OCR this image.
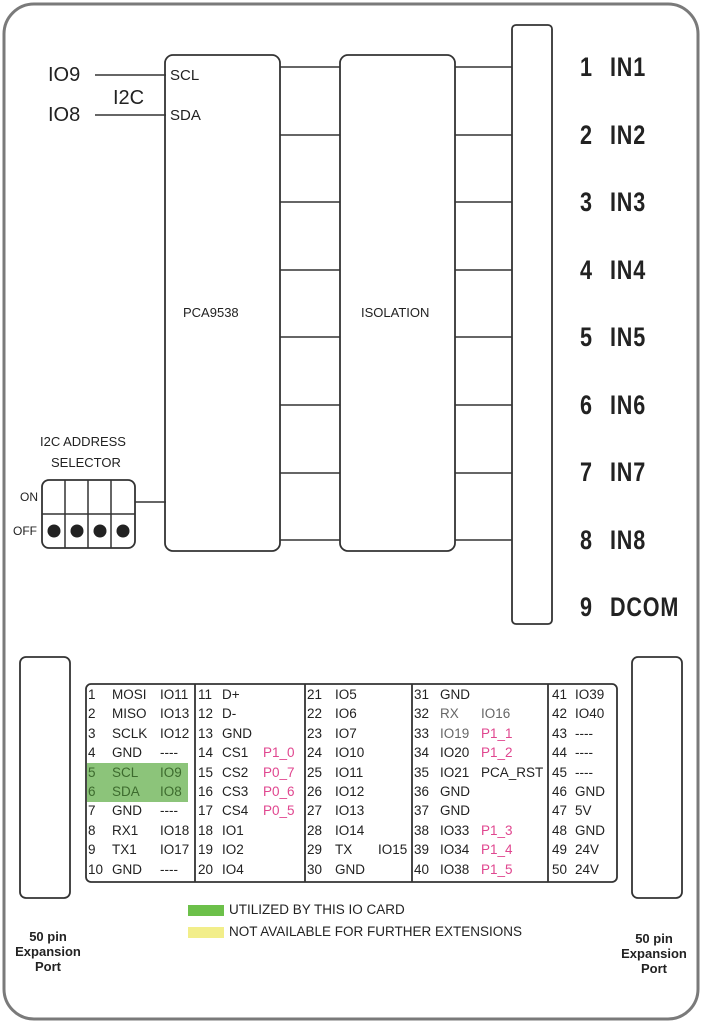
IO9
IO8
I2C
SCL
SDA
PCA9538	ISOLATION
I2C ADDRESS
SELECTOR
ON
OFF
1 IN1
2 IN2
3 IN3
4 IN4
5 IN5
6 IN6
7 IN7
8 IN8
9 DCOM
1 MOSI IO11
2 MISO IO13
3 SCLK IO12
4 GND ----
5 SCL IO9
6 SDA IO8
7 GND ----
8 RX1 IO18
9 TX1 IO17
10 GND ----
11 D+
12 D-
13 GND
14 CS1 P1_0
15 CS2 P0_7
16 CS3 P0_6
17 CS4 P0_5
18 IO1
19 IO2
20 IO4
21 IO5
22 IO6
23 IO7
24 IO10
25 IO11
26 IO12
27 IO13
28 IO14
29 TX IO15
30 GND
31 GND
32 RX IO16
33 IO19 P1_1
34 IO20 P1_2
35 IO21 PCA_RST
36 GND
37 GND
38 IO33 P1_3
39 IO34 P1_4
40 IO38 P1_5
41 IO39
42 IO40
43 ----
44 ----
45 ----
46 GND
47 5V
48 GND
49 24V
50 24V
UTILIZED BY THIS IO CARD
NOT AVAILABLE FOR FURTHER EXTENSIONS
50 pin
Expansion
Port
50 pin
Expansion
Port
